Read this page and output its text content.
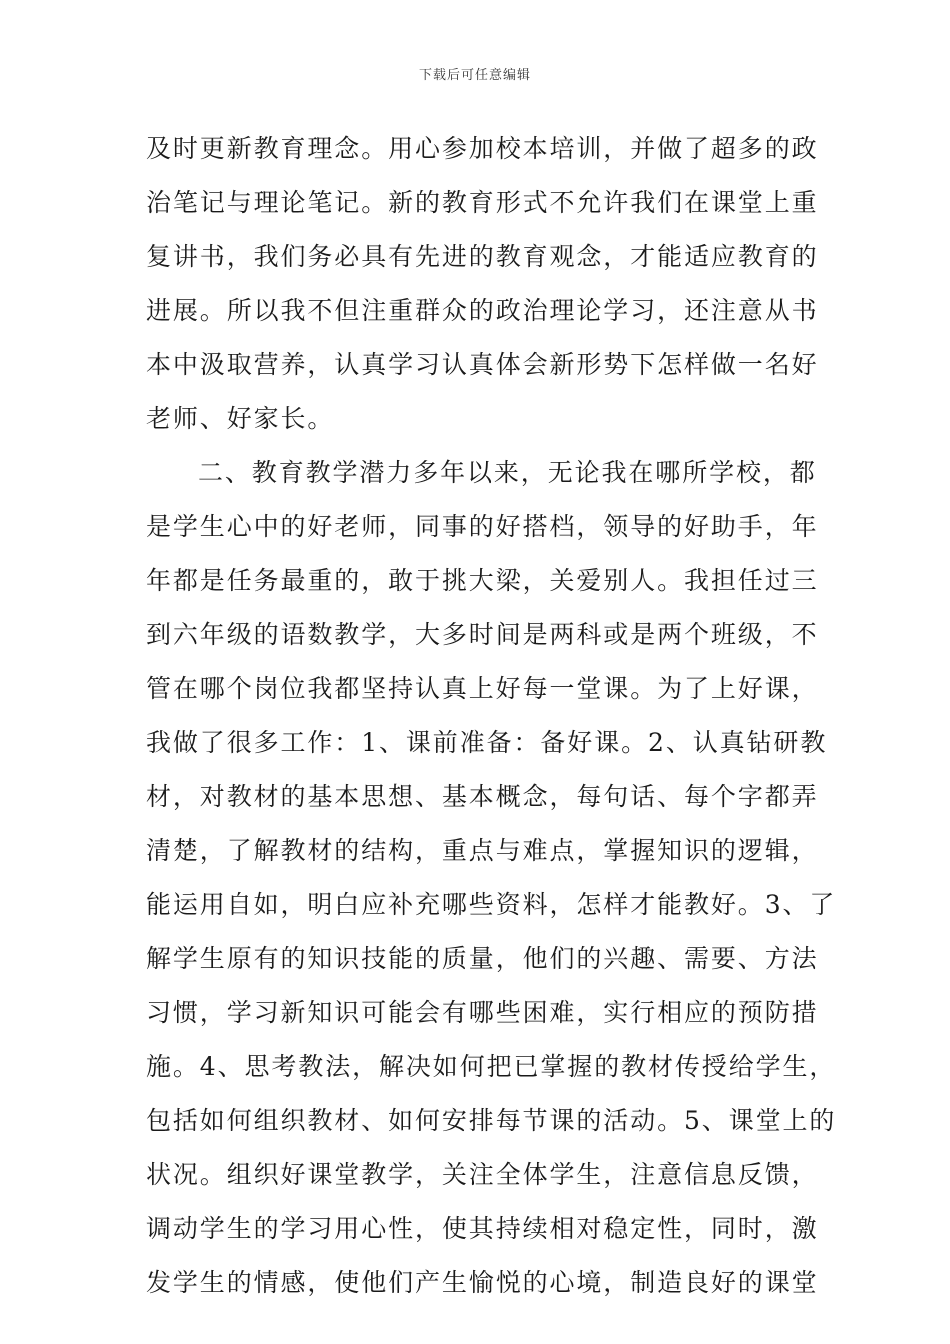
下载后可任意编辑
及时更新教育理念。用心参加校本培训，并做了超多的政
治笔记与理论笔记。新的教育形式不允许我们在课堂上重
复讲书，我们务必具有先进的教育观念，才能适应教育的
进展。所以我不但注重群众的政治理论学习，还注意从书
本中汲取营养，认真学习认真体会新形势下怎样做一名好
老师、好家长。
二、教育教学潜力多年以来，无论我在哪所学校，都
是学生心中的好老师，同事的好搭档，领导的好助手，年
年都是任务最重的，敢于挑大梁，关爱别人。我担任过三
到六年级的语数教学，大多时间是两科或是两个班级，不
管在哪个岗位我都坚持认真上好每一堂课。为了上好课，
我做了很多工作：1、课前准备：备好课。2、认真钻研教
材，对教材的基本思想、基本概念，每句话、每个字都弄
清楚，了解教材的结构，重点与难点，掌握知识的逻辑，
能运用自如，明白应补充哪些资料，怎样才能教好。3、了
解学生原有的知识技能的质量，他们的兴趣、需要、方法
习惯，学习新知识可能会有哪些困难，实行相应的预防措
施。4、思考教法，解决如何把已掌握的教材传授给学生，
包括如何组织教材、如何安排每节课的活动。5、课堂上的
状况。组织好课堂教学，关注全体学生，注意信息反馈，
调动学生的学习用心性，使其持续相对稳定性，同时，激
发学生的情感，使他们产生愉悦的心境，制造良好的课堂
